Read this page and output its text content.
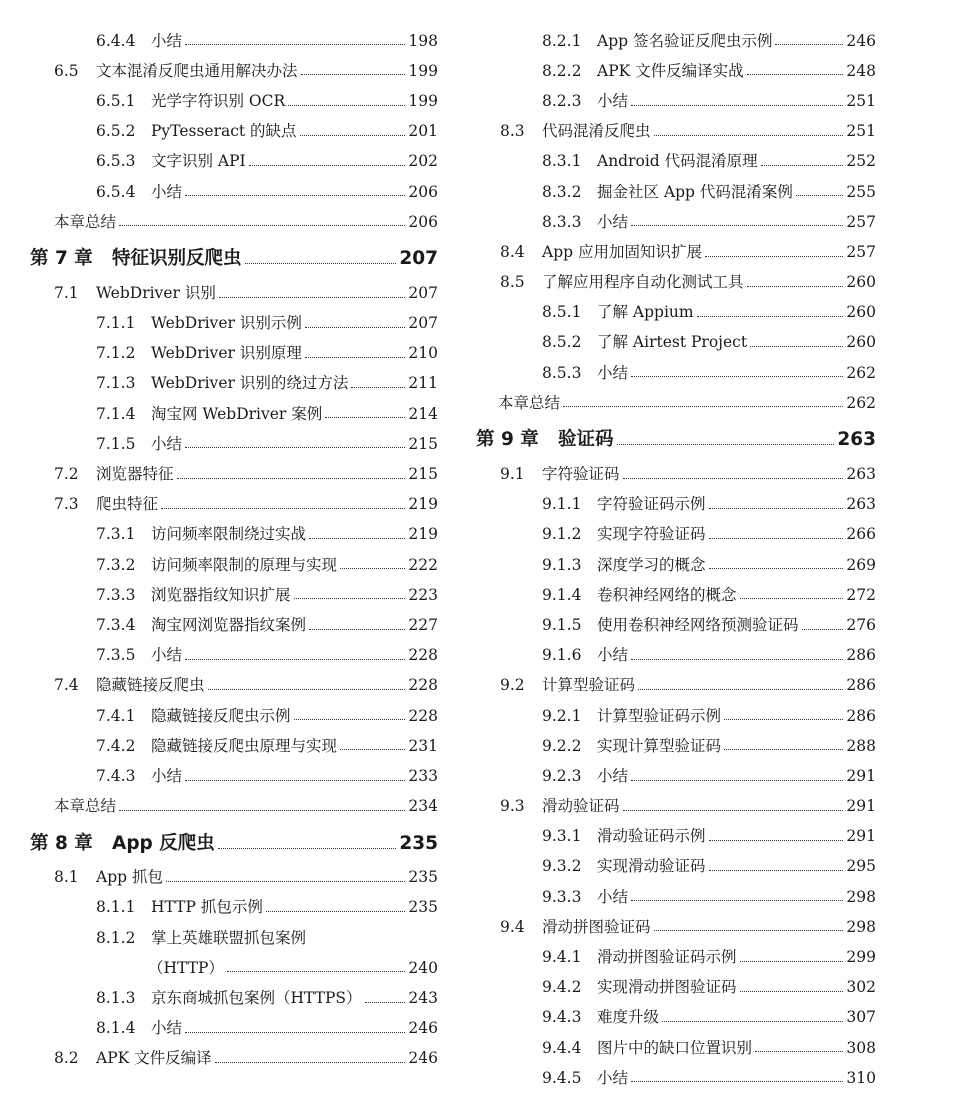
6.4.4	小结	198
6.5	文本混淆反爬虫通用解决办法	199
6.5.1	光学字符识别 OCR	199
6.5.2	PyTesseract 的缺点	201
6.5.3	文字识别 API	202
6.5.4	小结	206
本章总结	206
第 7 章	特征识别反爬虫	207
7.1	WebDriver 识别	207
7.1.1	WebDriver 识别示例	207
7.1.2	WebDriver 识别原理	210
7.1.3	WebDriver 识别的绕过方法	211
7.1.4	淘宝网 WebDriver 案例	214
7.1.5	小结	215
7.2	浏览器特征	215
7.3	爬虫特征	219
7.3.1	访问频率限制绕过实战	219
7.3.2	访问频率限制的原理与实现	222
7.3.3	浏览器指纹知识扩展	223
7.3.4	淘宝网浏览器指纹案例	227
7.3.5	小结	228
7.4	隐藏链接反爬虫	228
7.4.1	隐藏链接反爬虫示例	228
7.4.2	隐藏链接反爬虫原理与实现	231
7.4.3	小结	233
本章总结	234
第 8 章	App 反爬虫	235
8.1	App 抓包	235
8.1.1	HTTP 抓包示例	235
8.1.2	掌上英雄联盟抓包案例
（HTTP）	240
8.1.3	京东商城抓包案例（HTTPS）	243
8.1.4	小结	246
8.2	APK 文件反编译	246
8.2.1	App 签名验证反爬虫示例	246
8.2.2	APK 文件反编译实战	248
8.2.3	小结	251
8.3	代码混淆反爬虫	251
8.3.1	Android 代码混淆原理	252
8.3.2	掘金社区 App 代码混淆案例	255
8.3.3	小结	257
8.4	App 应用加固知识扩展	257
8.5	了解应用程序自动化测试工具	260
8.5.1	了解 Appium	260
8.5.2	了解 Airtest Project	260
8.5.3	小结	262
本章总结	262
第 9 章	验证码	263
9.1	字符验证码	263
9.1.1	字符验证码示例	263
9.1.2	实现字符验证码	266
9.1.3	深度学习的概念	269
9.1.4	卷积神经网络的概念	272
9.1.5	使用卷积神经网络预测验证码	276
9.1.6	小结	286
9.2	计算型验证码	286
9.2.1	计算型验证码示例	286
9.2.2	实现计算型验证码	288
9.2.3	小结	291
9.3	滑动验证码	291
9.3.1	滑动验证码示例	291
9.3.2	实现滑动验证码	295
9.3.3	小结	298
9.4	滑动拼图验证码	298
9.4.1	滑动拼图验证码示例	299
9.4.2	实现滑动拼图验证码	302
9.4.3	难度升级	307
9.4.4	图片中的缺口位置识别	308
9.4.5	小结	310
